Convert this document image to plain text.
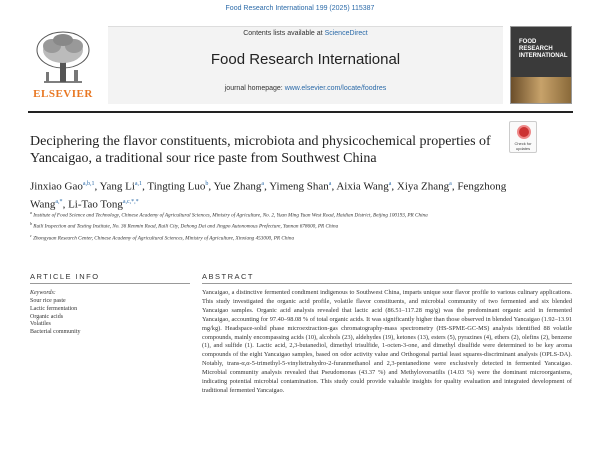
Food Research International 199 (2025) 115387
ELSEVIER
Contents lists available at ScienceDirect
Food Research International
journal homepage: www.elsevier.com/locate/foodres
FOOD RESEARCH INTERNATIONAL
Deciphering the flavor constituents, microbiota and physicochemical properties of Yancaigao, a traditional sour rice paste from Southwest China
Check for updates
Jinxiao Gao$^{a,b,1}$, Yang Li$^{a,1}$, Tingting Luo$^b$, Yue Zhang$^a$, Yimeng Shan$^a$, Aixia Wang$^a$, Xiya Zhang$^a$, Fengzhong Wang$^{a,*}$, Li-Tao Tong$^{a,c,*,*}$
$^a$ Institute of Food Science and Technology, Chinese Academy of Agricultural Sciences, Ministry of Agriculture, No. 2, Yuan Ming Yuan West Road, Haidian District, Beijing 100193, PR China
$^b$ Ruili Inspection and Testing Institute, No. 36 Renmin Road, Ruili City, Dehong Dai and Jingpo Autonomous Prefecture, Yunnan 678600, PR China
$^c$ Zhongyuan Research Center, Chinese Academy of Agricultural Sciences, Ministry of Agriculture, Xinxiang 453000, PR China
ARTICLE INFO	ABSTRACT
Keywords:
Sour rice paste
Lactic fermentation
Organic acids
Volatiles
Bacterial community
Yancaigao, a distinctive fermented condiment indigenous to Southwest China, imparts unique sour flavor profile to various culinary applications. This study investigated the organic acid profile, volatile flavor constituents, and microbial community of two fermented and six blended Yancaigao samples. Organic acid analysis revealed that lactic acid (86.51–117.28 mg/g) was the predominant organic acid in fermented Yancaigao, accounting for 97.40–98.08 % of total organic acids. It was significantly higher than those observed in blended Yancaigao (1.92–13.91 mg/kg). Headspace-solid phase microextraction-gas chromatography-mass spectrometry (HS-SPME-GC-MS) analysis identified 88 volatile compounds, mainly encompassing acids (10), alcohols (23), aldehydes (19), ketones (13), esters (5), pyrazines (4), ethers (2), olefins (2), benzene (1), and sulfide (1). Lactic acid, 2,3-butanediol, dimethyl trisulfide, 1-octen-3-one, and dimethyl disulfide were determined to be key aroma compounds of the eight Yancaigao samples, based on odor activity value and Orthogonal partial least squares-discriminant analysis (OPLS-DA). Notably, trans-α,α-5-trimethyl-5-vinyltetrahydro-2-furanmethanol and 2,3-pentanedione were exclusively detected in fermented Yancaigao. Microbial community analysis revealed that Pseudomonas (43.37 %) and Methylovorsatilis (14.03 %) were the dominant microorganisms, indicating potential microbial contamination. This study could provide valuable insights for quality evaluation and integrated development of traditional fermented Yancaigao.
